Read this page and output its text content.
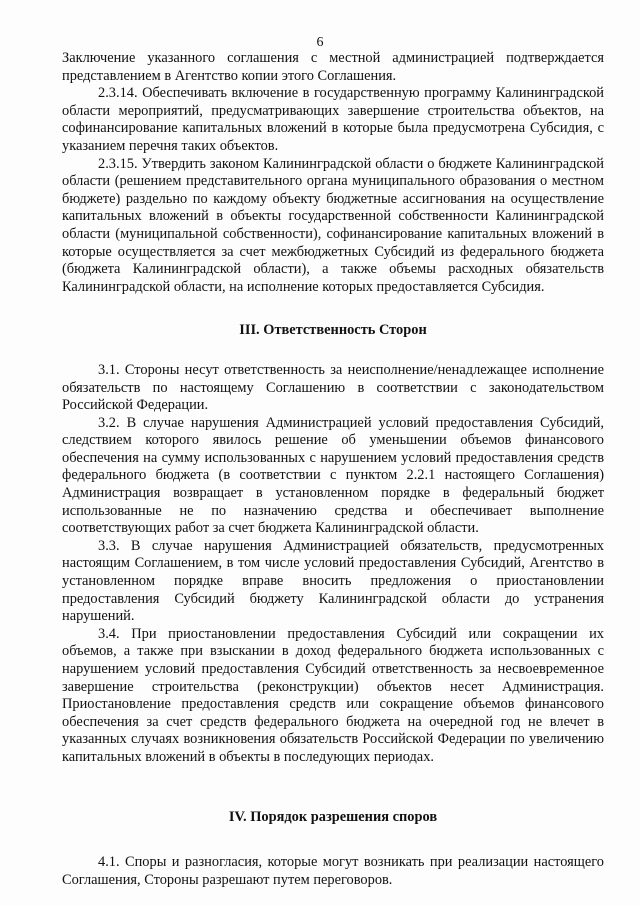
6

Заключение указанного соглашения с местной администрацией подтверждается представлением в Агентство копии этого Соглашения.

2.3.14. Обеспечивать включение в государственную программу Калининградской области мероприятий, предусматривающих завершение строительства объектов, на софинансирование капитальных вложений в которые была предусмотрена Субсидия, с указанием перечня таких объектов.

2.3.15. Утвердить законом Калининградской области о бюджете Калининградской области (решением представительного органа муниципального образования о местном бюджете) раздельно по каждому объекту бюджетные ассигнования на осуществление капитальных вложений в объекты государственной собственности Калининградской области (муниципальной собственности), софинансирование капитальных вложений в которые осуществляется за счет межбюджетных Субсидий из федерального бюджета (бюджета Калининградской области), а также объемы расходных обязательств Калининградской области, на исполнение которых предоставляется Субсидия.

III. Ответственность Сторон

3.1. Стороны несут ответственность за неисполнение/ненадлежащее исполнение обязательств по настоящему Соглашению в соответствии с законодательством Российской Федерации.

3.2. В случае нарушения Администрацией условий предоставления Субсидий, следствием которого явилось решение об уменьшении объемов финансового обеспечения на сумму использованных с нарушением условий предоставления средств федерального бюджета (в соответствии с пунктом 2.2.1 настоящего Соглашения) Администрация возвращает в установленном порядке в федеральный бюджет использованные не по назначению средства и обеспечивает выполнение соответствующих работ за счет бюджета Калининградской области.

3.3. В случае нарушения Администрацией обязательств, предусмотренных настоящим Соглашением, в том числе условий предоставления Субсидий, Агентство в установленном порядке вправе вносить предложения о приостановлении предоставления Субсидий бюджету Калининградской области до устранения нарушений.

3.4. При приостановлении предоставления Субсидий или сокращении их объемов, а также при взыскании в доход федерального бюджета использованных с нарушением условий предоставления Субсидий ответственность за несвоевременное завершение строительства (реконструкции) объектов несет Администрация. Приостановление предоставления средств или сокращение объемов финансового обеспечения за счет средств федерального бюджета на очередной год не влечет в указанных случаях возникновения обязательств Российской Федерации по увеличению капитальных вложений в объекты в последующих периодах.

IV. Порядок разрешения споров

4.1. Споры и разногласия, которые могут возникать при реализации настоящего Соглашения, Стороны разрешают путем переговоров.
